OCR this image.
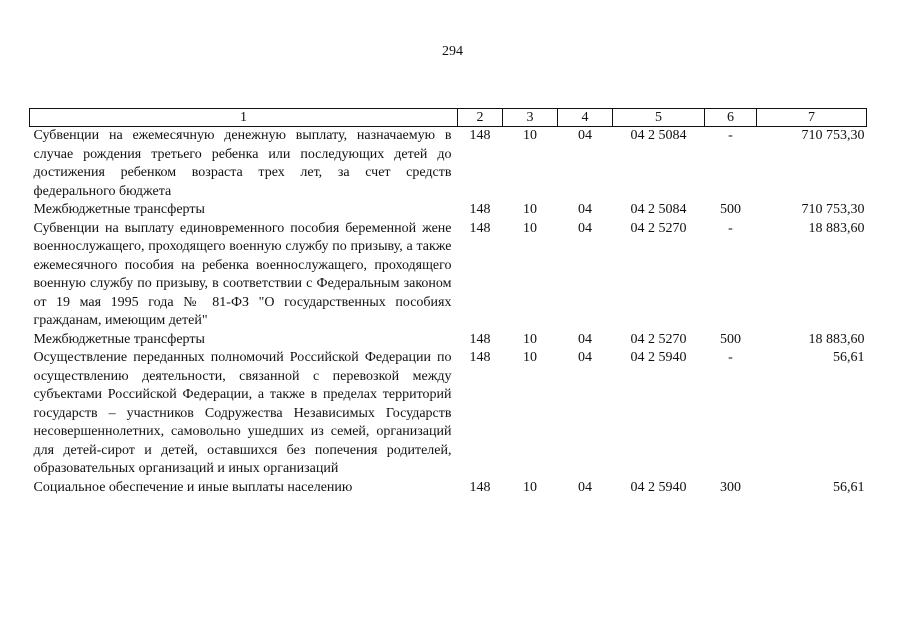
294
1	2	3	4	5	6	7
Субвенции на ежемесячную денежную выплату, назначаемую в случае рождения третьего ребенка или последующих детей до достижения ребенком возраста трех лет, за счет средств федерального бюджета	148	10	04	04 2 5084	-	710 753,30
Межбюджетные трансферты	148	10	04	04 2 5084	500	710 753,30
Субвенции на выплату единовременного пособия беременной жене военнослужащего, проходящего военную службу по призыву, а также ежемесячного пособия на ребенка военнослужащего, проходящего военную службу по призыву, в соответствии с Федеральным законом от 19 мая 1995 года № 81-ФЗ "О государственных пособиях гражданам, имеющим детей"	148	10	04	04 2 5270	-	18 883,60
Межбюджетные трансферты	148	10	04	04 2 5270	500	18 883,60
Осуществление переданных полномочий Российской Федерации по осуществлению деятельности, связанной с перевозкой между субъектами Российской Федерации, а также в пределах территорий государств – участников Содружества Независимых Государств несовершеннолетних, самовольно ушедших из семей, организаций для детей-сирот и детей, оставшихся без попечения родителей, образовательных организаций и иных организаций	148	10	04	04 2 5940	-	56,61
Социальное обеспечение и иные выплаты населению	148	10	04	04 2 5940	300	56,61
